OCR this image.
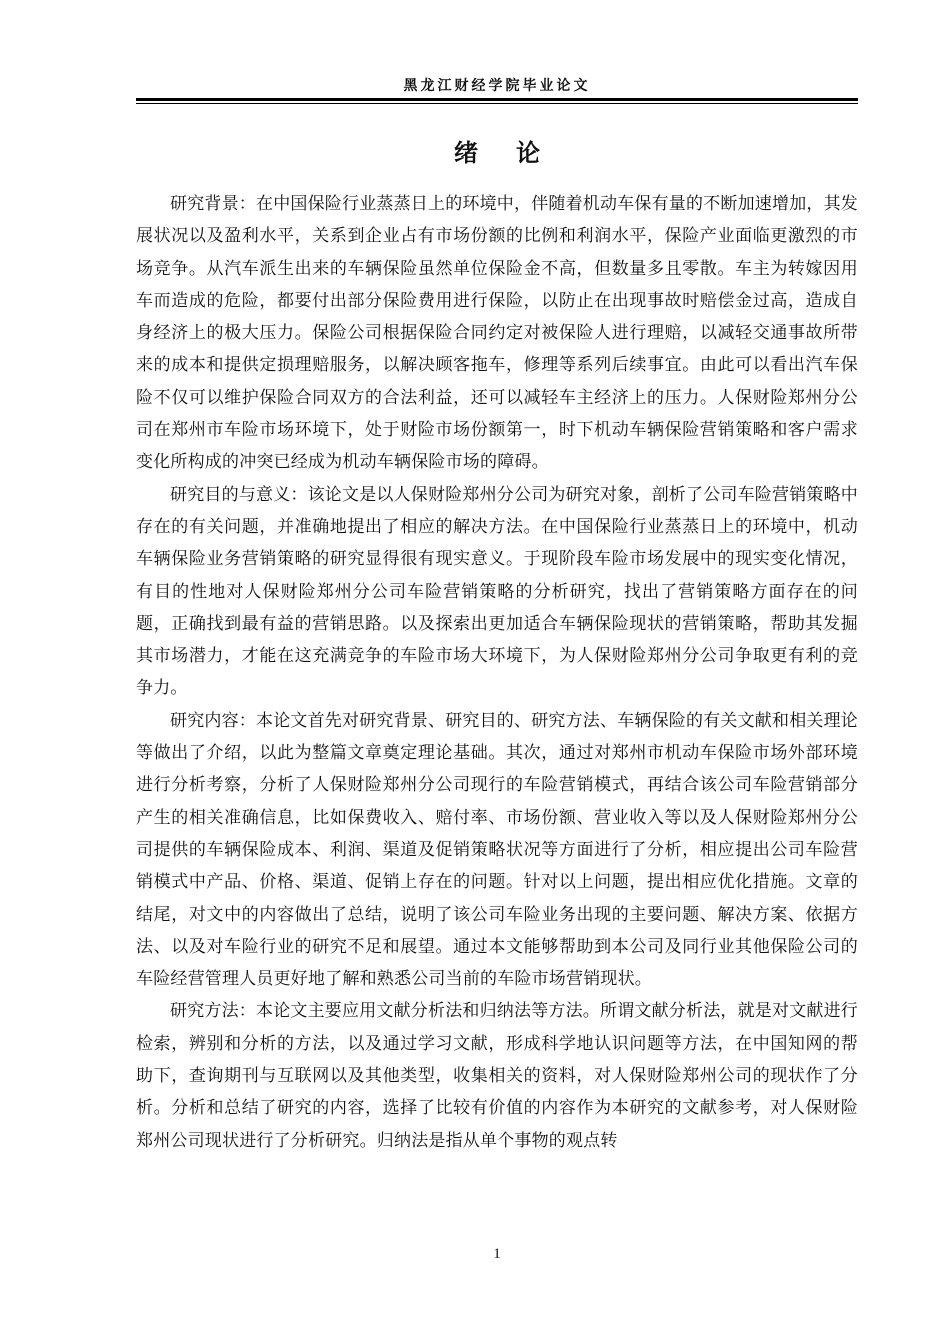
黑龙江财经学院毕业论文
绪论

研究背景：在中国保险行业蒸蒸日上的环境中，伴随着机动车保有量的不断加速增加，其发展状况以及盈利水平，关系到企业占有市场份额的比例和利润水平，保险产业面临更激烈的市场竞争。从汽车派生出来的车辆保险虽然单位保险金不高，但数量多且零散。车主为转嫁因用车而造成的危险，都要付出部分保险费用进行保险，以防止在出现事故时赔偿金过高，造成自身经济上的极大压力。保险公司根据保险合同约定对被保险人进行理赔，以减轻交通事故所带来的成本和提供定损理赔服务，以解决顾客拖车，修理等系列后续事宜。由此可以看出汽车保险不仅可以维护保险合同双方的合法利益，还可以减轻车主经济上的压力。人保财险郑州分公司在郑州市车险市场环境下，处于财险市场份额第一，时下机动车辆保险营销策略和客户需求变化所构成的冲突已经成为机动车辆保险市场的障碍。

研究目的与意义：该论文是以人保财险郑州分公司为研究对象，剖析了公司车险营销策略中存在的有关问题，并准确地提出了相应的解决方法。在中国保险行业蒸蒸日上的环境中，机动车辆保险业务营销策略的研究显得很有现实意义。于现阶段车险市场发展中的现实变化情况，有目的性地对人保财险郑州分公司车险营销策略的分析研究，找出了营销策略方面存在的问题，正确找到最有益的营销思路。以及探索出更加适合车辆保险现状的营销策略，帮助其发掘其市场潜力，才能在这充满竞争的车险市场大环境下，为人保财险郑州分公司争取更有利的竞争力。

研究内容：本论文首先对研究背景、研究目的、研究方法、车辆保险的有关文献和相关理论等做出了介绍，以此为整篇文章奠定理论基础。其次，通过对郑州市机动车保险市场外部环境进行分析考察，分析了人保财险郑州分公司现行的车险营销模式，再结合该公司车险营销部分产生的相关准确信息，比如保费收入、赔付率、市场份额、营业收入等以及人保财险郑州分公司提供的车辆保险成本、利润、渠道及促销策略状况等方面进行了分析，相应提出公司车险营销模式中产品、价格、渠道、促销上存在的问题。针对以上问题，提出相应优化措施。文章的结尾，对文中的内容做出了总结，说明了该公司车险业务出现的主要问题、解决方案、依据方法、以及对车险行业的研究不足和展望。通过本文能够帮助到本公司及同行业其他保险公司的车险经营管理人员更好地了解和熟悉公司当前的车险市场营销现状。

研究方法：本论文主要应用文献分析法和归纳法等方法。所谓文献分析法，就是对文献进行检索，辨别和分析的方法，以及通过学习文献，形成科学地认识问题等方法，在中国知网的帮助下，查询期刊与互联网以及其他类型，收集相关的资料，对人保财险郑州公司的现状作了分析。分析和总结了研究的内容，选择了比较有价值的内容作为本研究的文献参考，对人保财险郑州公司现状进行了分析研究。归纳法是指从单个事物的观点转

1
